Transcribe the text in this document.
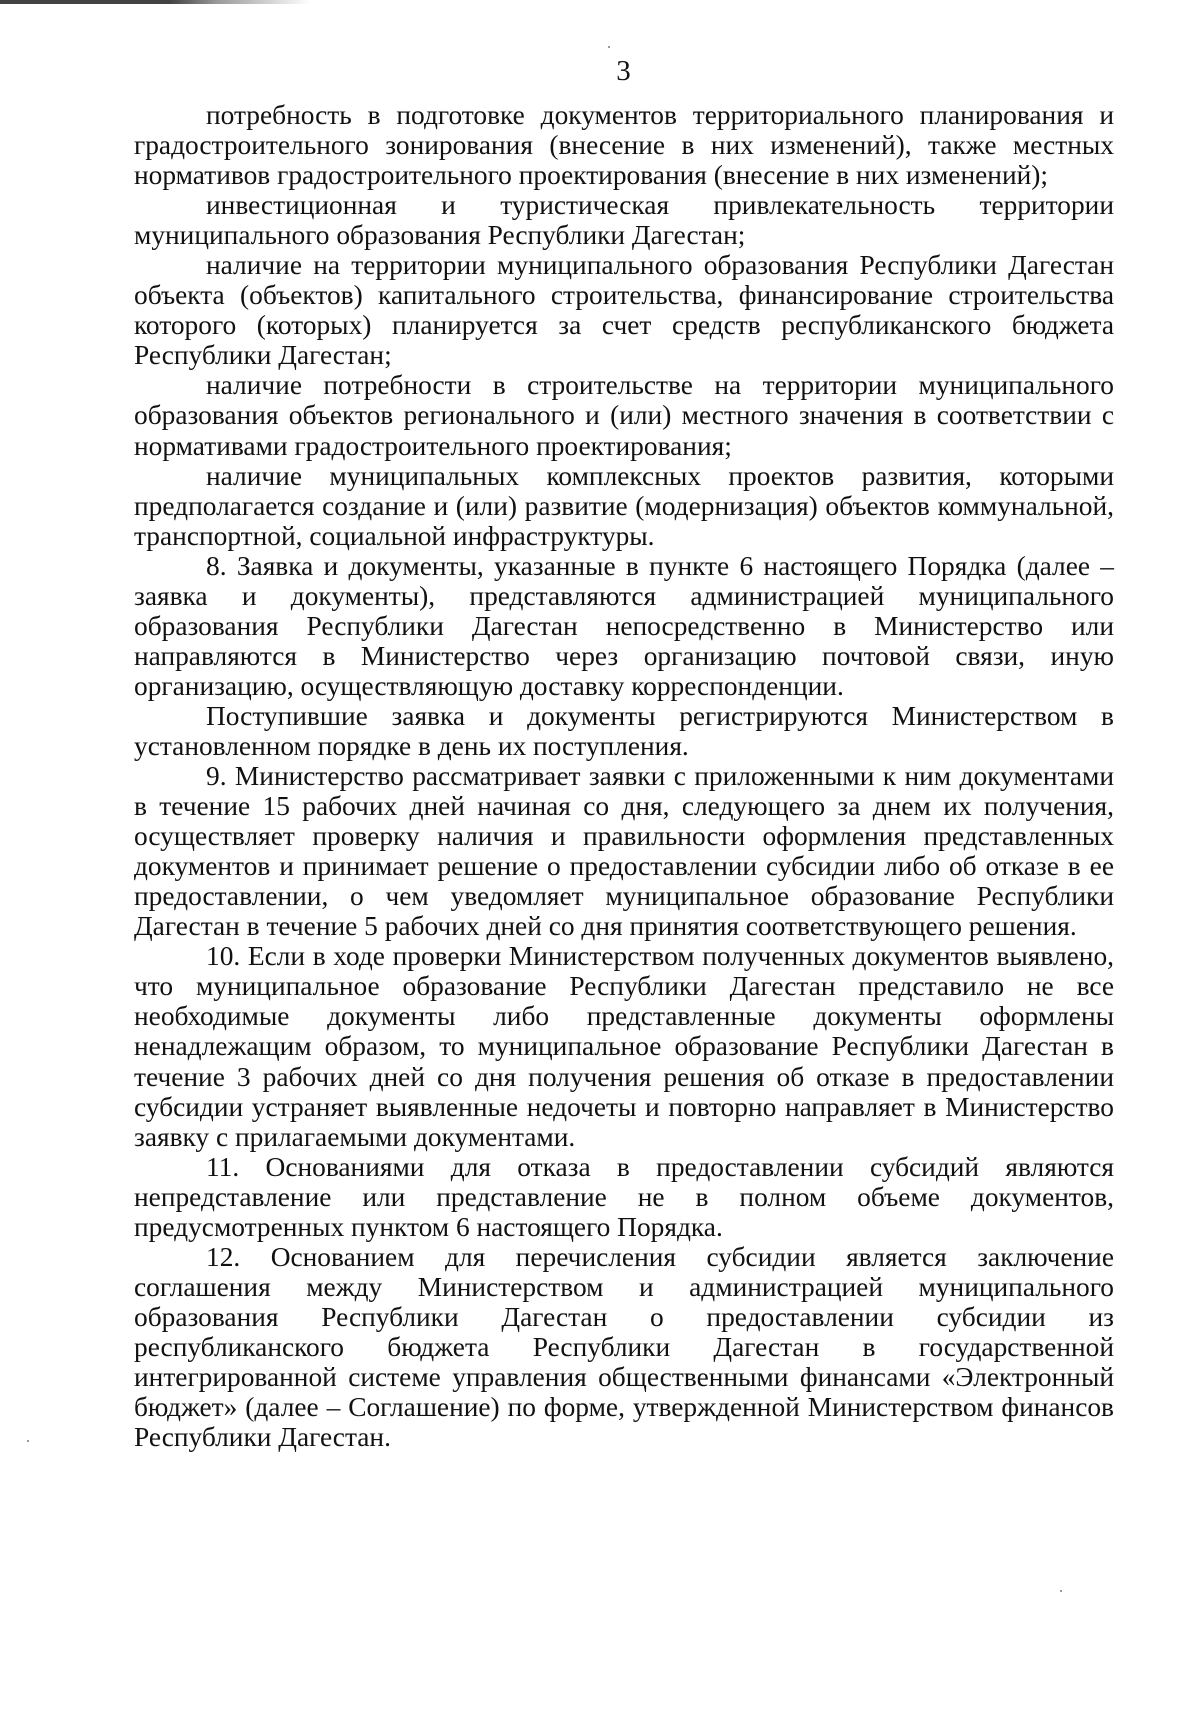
3

потребность в подготовке документов территориального планирования и градостроительного зонирования (внесение в них изменений), также местных нормативов градостроительного проектирования (внесение в них изменений);

инвестиционная и туристическая привлекательность территории муниципального образования Республики Дагестан;

наличие на территории муниципального образования Республики Дагестан объекта (объектов) капитального строительства, финансирование строительства которого (которых) планируется за счет средств республиканского бюджета Республики Дагестан;

наличие потребности в строительстве на территории муниципального образования объектов регионального и (или) местного значения в соответствии с нормативами градостроительного проектирования;

наличие муниципальных комплексных проектов развития, которыми предполагается создание и (или) развитие (модернизация) объектов коммунальной, транспортной, социальной инфраструктуры.

8. Заявка и документы, указанные в пункте 6 настоящего Порядка (далее – заявка и документы), представляются администрацией муниципального образования Республики Дагестан непосредственно в Министерство или направляются в Министерство через организацию почтовой связи, иную организацию, осуществляющую доставку корреспонденции.

Поступившие заявка и документы регистрируются Министерством в установленном порядке в день их поступления.

9. Министерство рассматривает заявки с приложенными к ним документами в течение 15 рабочих дней начиная со дня, следующего за днем их получения, осуществляет проверку наличия и правильности оформления представленных документов и принимает решение о предоставлении субсидии либо об отказе в ее предоставлении, о чем уведомляет муниципальное образование Республики Дагестан в течение 5 рабочих дней со дня принятия соответствующего решения.

10. Если в ходе проверки Министерством полученных документов выявлено, что муниципальное образование Республики Дагестан представило не все необходимые документы либо представленные документы оформлены ненадлежащим образом, то муниципальное образование Республики Дагестан в течение 3 рабочих дней со дня получения решения об отказе в предоставлении субсидии устраняет выявленные недочеты и повторно направляет в Министерство заявку с прилагаемыми документами.

11. Основаниями для отказа в предоставлении субсидий являются непредставление или представление не в полном объеме документов, предусмотренных пунктом 6 настоящего Порядка.

12. Основанием для перечисления субсидии является заключение соглашения между Министерством и администрацией муниципального образования Республики Дагестан о предоставлении субсидии из республиканского бюджета Республики Дагестан в государственной интегрированной системе управления общественными финансами «Электронный бюджет» (далее – Соглашение) по форме, утвержденной Министерством финансов Республики Дагестан.
